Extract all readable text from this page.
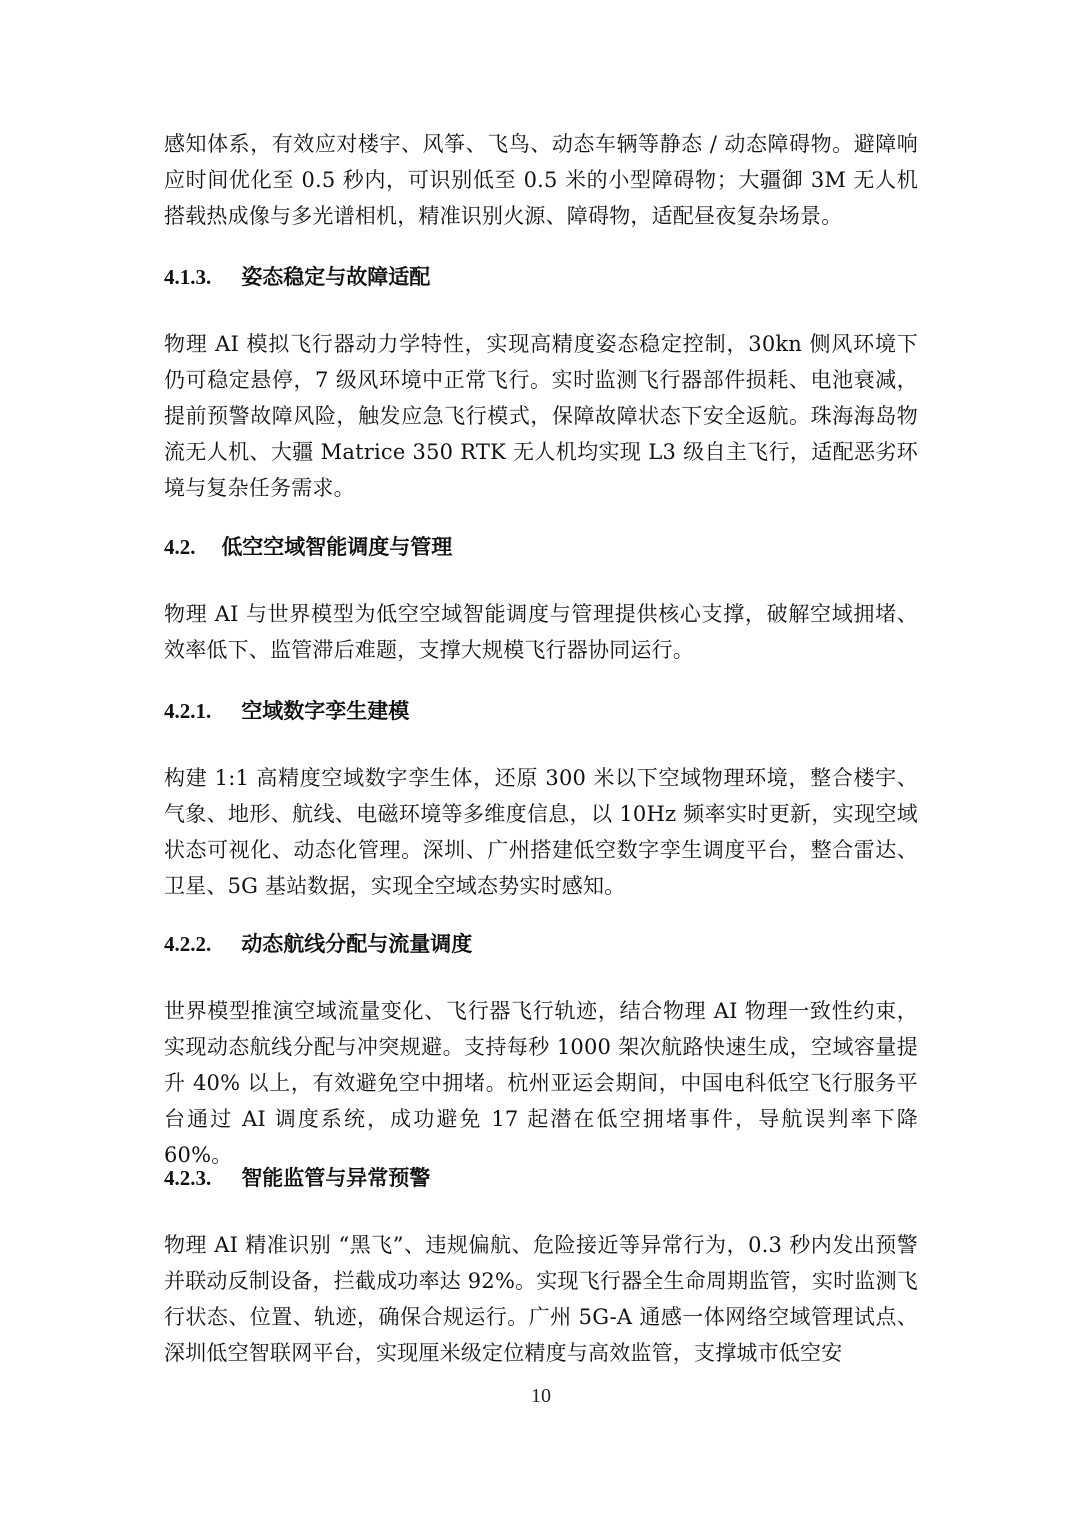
感知体系，有效应对楼宇、风筝、飞鸟、动态车辆等静态 / 动态障碍物。避障响应时间优化至 0.5 秒内，可识别低至 0.5 米的小型障碍物；大疆御 3M 无人机搭载热成像与多光谱相机，精准识别火源、障碍物，适配昼夜复杂场景。

4.1.3. 姿态稳定与故障适配

物理 AI 模拟飞行器动力学特性，实现高精度姿态稳定控制，30kn 侧风环境下仍可稳定悬停，7 级风环境中正常飞行。实时监测飞行器部件损耗、电池衰减，提前预警故障风险，触发应急飞行模式，保障故障状态下安全返航。珠海海岛物流无人机、大疆 Matrice 350 RTK 无人机均实现 L3 级自主飞行，适配恶劣环境与复杂任务需求。

4.2. 低空空域智能调度与管理

物理 AI 与世界模型为低空空域智能调度与管理提供核心支撑，破解空域拥堵、效率低下、监管滞后难题，支撑大规模飞行器协同运行。

4.2.1. 空域数字孪生建模

构建 1:1 高精度空域数字孪生体，还原 300 米以下空域物理环境，整合楼宇、气象、地形、航线、电磁环境等多维度信息，以 10Hz 频率实时更新，实现空域状态可视化、动态化管理。深圳、广州搭建低空数字孪生调度平台，整合雷达、卫星、5G 基站数据，实现全空域态势实时感知。

4.2.2. 动态航线分配与流量调度

世界模型推演空域流量变化、飞行器飞行轨迹，结合物理 AI 物理一致性约束，实现动态航线分配与冲突规避。支持每秒 1000 架次航路快速生成，空域容量提升 40% 以上，有效避免空中拥堵。杭州亚运会期间，中国电科低空飞行服务平台通过 AI 调度系统，成功避免 17 起潜在低空拥堵事件，导航误判率下降 60%。

4.2.3. 智能监管与异常预警

物理 AI 精准识别 “黑飞”、违规偏航、危险接近等异常行为，0.3 秒内发出预警并联动反制设备，拦截成功率达 92%。实现飞行器全生命周期监管，实时监测飞行状态、位置、轨迹，确保合规运行。广州 5G-A 通感一体网络空域管理试点、深圳低空智联网平台，实现厘米级定位精度与高效监管，支撑城市低空安

10
